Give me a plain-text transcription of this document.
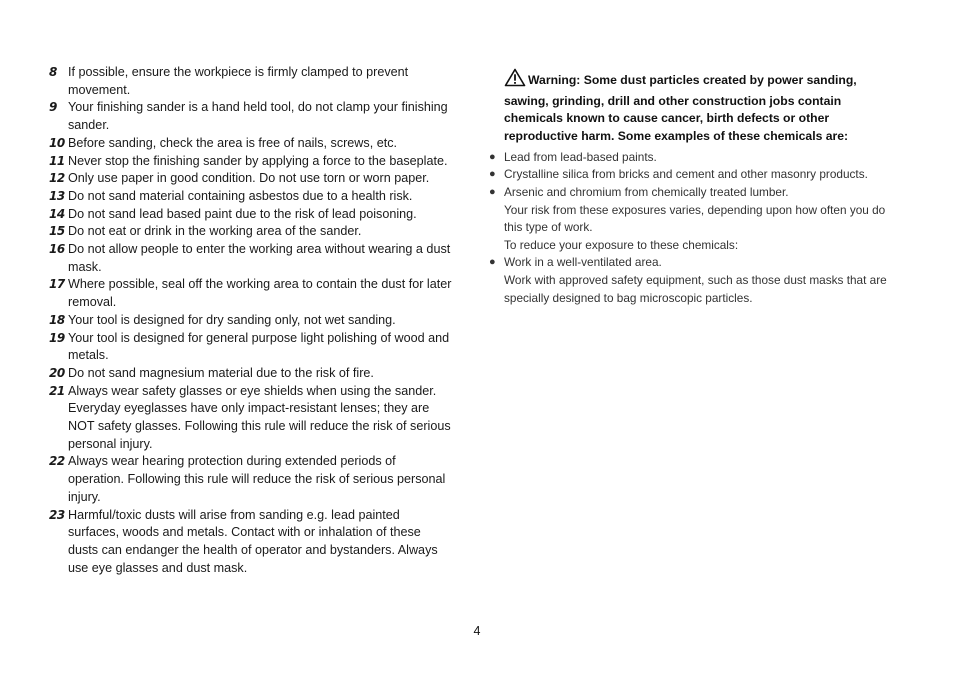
8 If possible, ensure the workpiece is firmly clamped to prevent movement.
9 Your finishing sander is a hand held tool, do not clamp your finishing sander.
10 Before sanding, check the area is free of nails, screws, etc.
11 Never stop the finishing sander by applying a force to the baseplate.
12 Only use paper in good condition. Do not use torn or worn paper.
13 Do not sand material containing asbestos due to a health risk.
14 Do not sand lead based paint due to the risk of lead poisoning.
15 Do not eat or drink in the working area of the sander.
16 Do not allow people to enter the working area without wearing a dust mask.
17 Where possible, seal off the working area to contain the dust for later removal.
18 Your tool is designed for dry sanding only, not wet sanding.
19 Your tool is designed for general purpose light polishing of wood and metals.
20 Do not sand magnesium material due to the risk of fire.
21 Always wear safety glasses or eye shields when using the sander. Everyday eyeglasses have only impact-resistant lenses; they are NOT safety glasses. Following this rule will reduce the risk of serious personal injury.
22 Always wear hearing protection during extended periods of operation. Following this rule will reduce the risk of serious personal injury.
23 Harmful/toxic dusts will arise from sanding e.g. lead painted surfaces, woods and metals. Contact with or inhalation of these dusts can endanger the health of operator and bystanders. Always use eye glasses and dust mask.
Warning: Some dust particles created by power sanding, sawing, grinding, drill and other construction jobs contain chemicals known to cause cancer, birth defects or other reproductive harm. Some examples of these chemicals are:
● Lead from lead-based paints.
● Crystalline silica from bricks and cement and other masonry products.
● Arsenic and chromium from chemically treated lumber.
Your risk from these exposures varies, depending upon how often you do this type of work.
To reduce your exposure to these chemicals:
● Work in a well-ventilated area.
Work with approved safety equipment, such as those dust masks that are specially designed to bag microscopic particles.
4
